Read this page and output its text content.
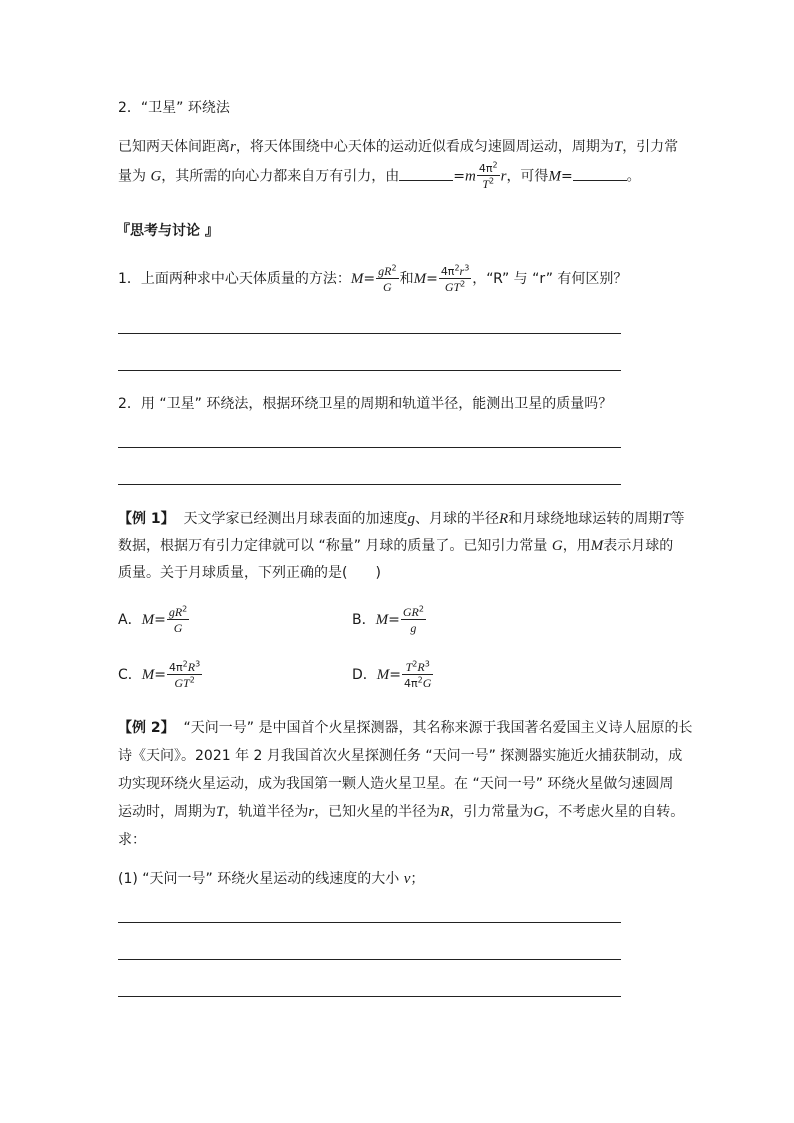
2．“卫星” 环绕法
已知两天体间距离r，将天体围绕中心天体的运动近似看成匀速圆周运动，周期为T，引力常
量为 G，其所需的向心力都来自万有引力，由	$=m \frac{4\pi^2}{T^2}$ r，可得M=	。
『思考与讨论 』
1．上面两种求中心天体质量的方法：$M= \frac{gR^2}{G}$ 和$M= \frac{4\pi^2r^3}{GT^2}$ ，“R” 与 “r” 有何区别？
2．用 “卫星” 环绕法，根据环绕卫星的周期和轨道半径，能测出卫星的质量吗？
【例 1】 天文学家已经测出月球表面的加速度g、月球的半径R和月球绕地球运转的周期T等
数据，根据万有引力定律就可以 “称量” 月球的质量了。已知引力常量 G，用M表示月球的
质量。关于月球质量，下列正确的是(　　)
A．$M= \frac{gR^2}{G}$	B．$M= \frac{GR^2}{g}$
C．$M= \frac{4\pi^2R^3}{GT^2}$	D．$M= \frac{T^2R^3}{4\pi^2G}$
【例 2】 “天问一号” 是中国首个火星探测器，其名称来源于我国著名爱国主义诗人屈原的长
诗《天问》。2021 年 2 月我国首次火星探测任务 “天问一号” 探测器实施近火捕获制动，成
功实现环绕火星运动，成为我国第一颗人造火星卫星。在 “天问一号” 环绕火星做匀速圆周
运动时，周期为T，轨道半径为r，已知火星的半径为R，引力常量为G，不考虑火星的自转。
求：
(1) “天问一号” 环绕火星运动的线速度的大小 v；
